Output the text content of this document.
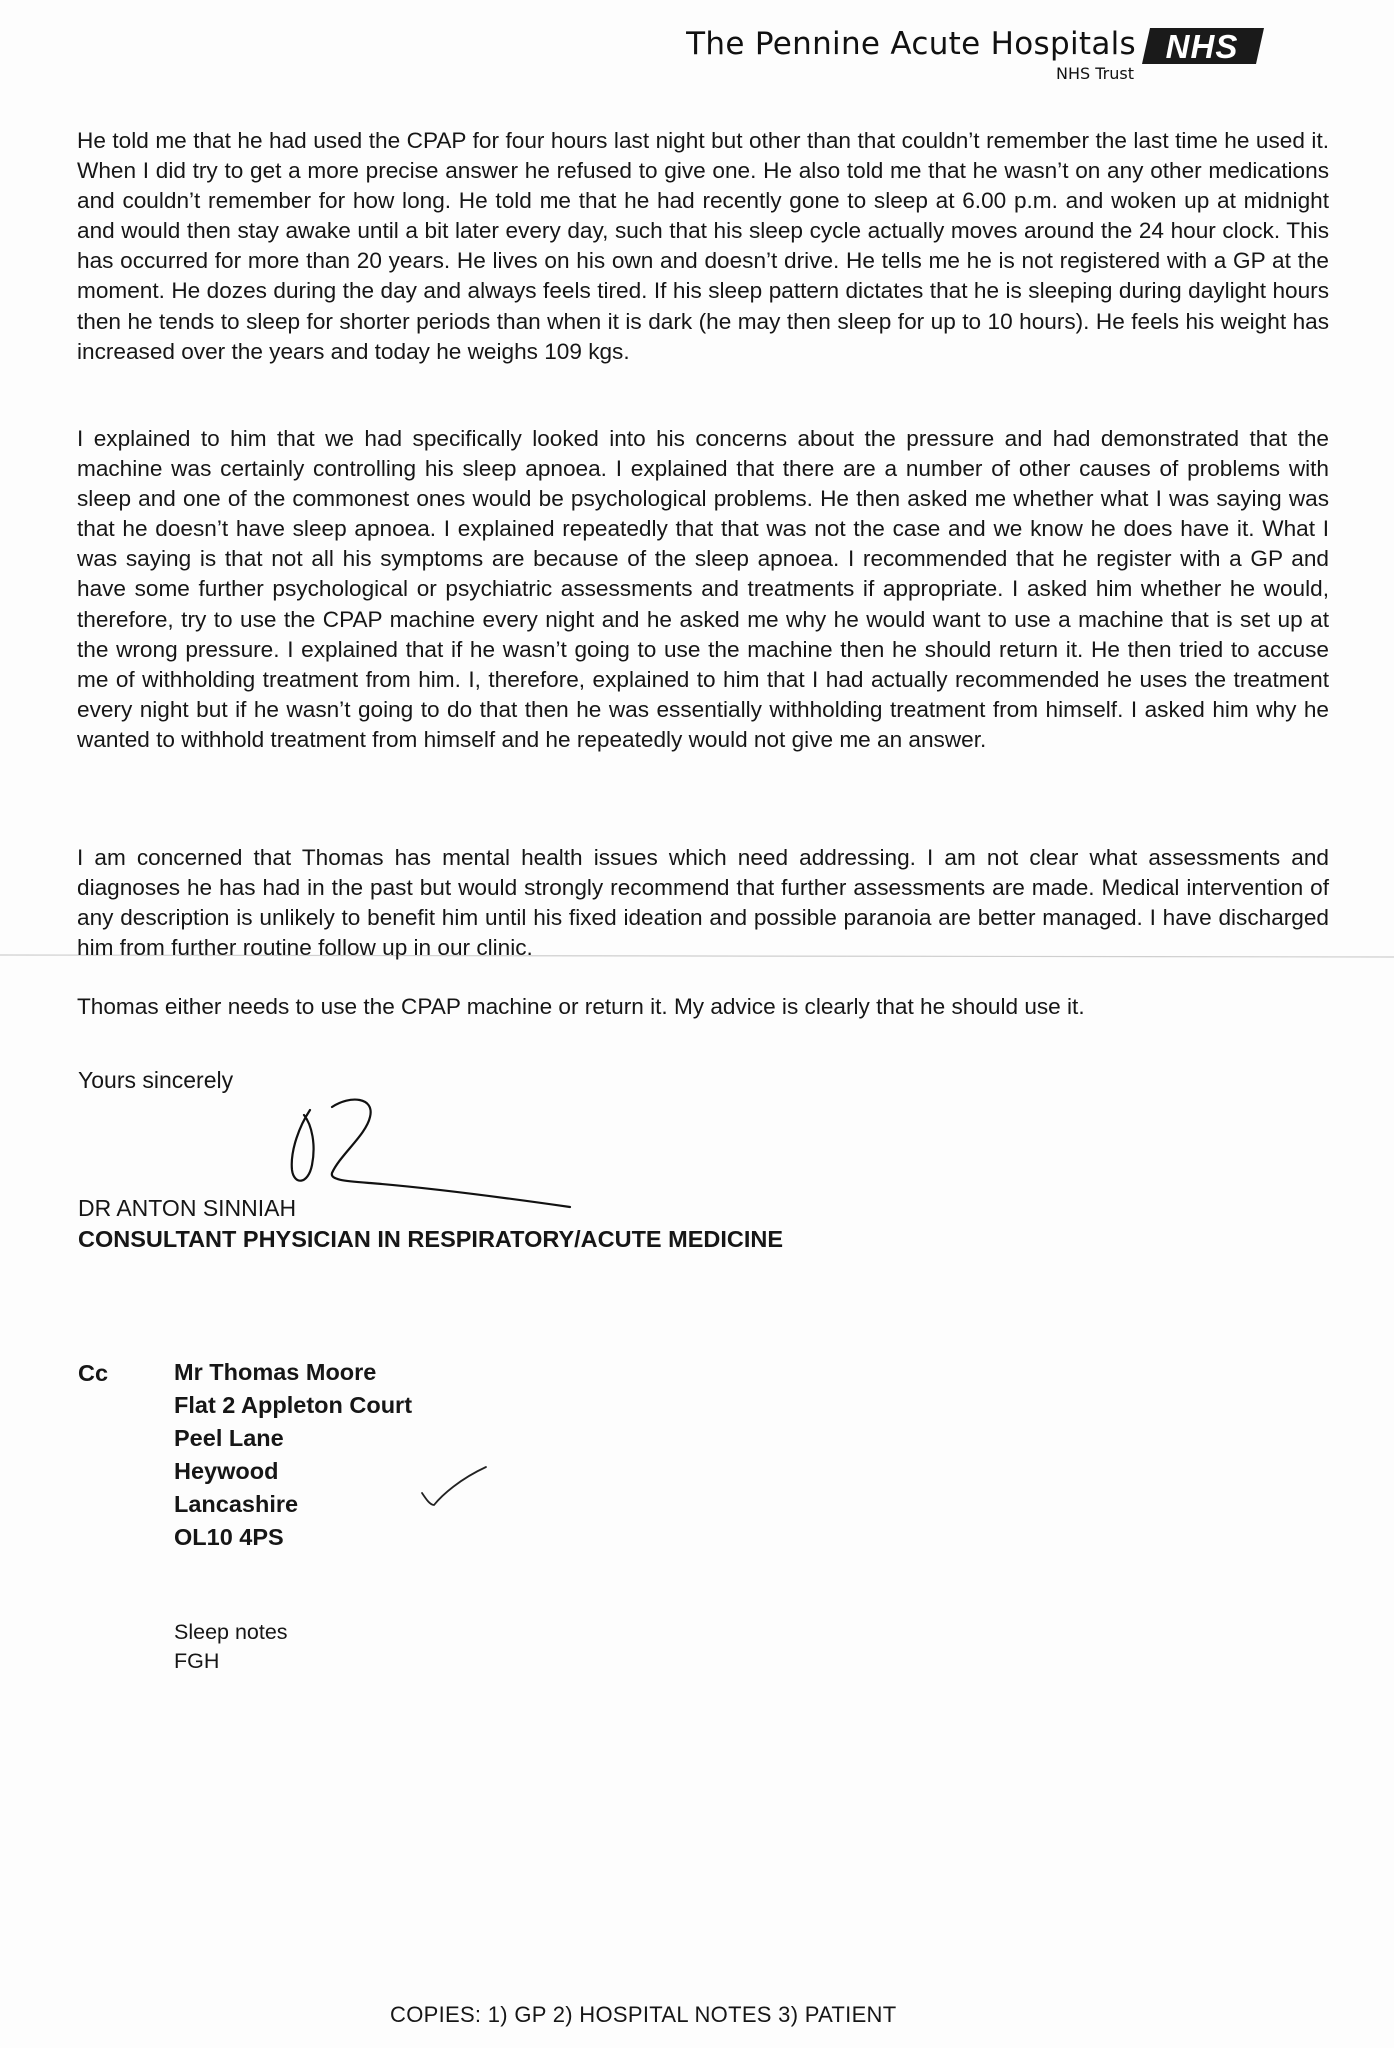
The Pennine Acute Hospitals
NHS Trust
NHS
He told me that he had used the CPAP for four hours last night but other than that couldn’t remember the last time he used it. When I did try to get a more precise answer he refused to give one. He also told me that he wasn’t on any other medications and couldn’t remember for how long. He told me that he had recently gone to sleep at 6.00 p.m. and woken up at midnight and would then stay awake until a bit later every day, such that his sleep cycle actually moves around the 24 hour clock. This has occurred for more than 20 years. He lives on his own and doesn’t drive. He tells me he is not registered with a GP at the moment. He dozes during the day and always feels tired. If his sleep pattern dictates that he is sleeping during daylight hours then he tends to sleep for shorter periods than when it is dark (he may then sleep for up to 10 hours). He feels his weight has increased over the years and today he weighs 109 kgs.
I explained to him that we had specifically looked into his concerns about the pressure and had demonstrated that the machine was certainly controlling his sleep apnoea. I explained that there are a number of other causes of problems with sleep and one of the commonest ones would be psychological problems. He then asked me whether what I was saying was that he doesn’t have sleep apnoea. I explained repeatedly that that was not the case and we know he does have it. What I was saying is that not all his symptoms are because of the sleep apnoea. I recommended that he register with a GP and have some further psychological or psychiatric assessments and treatments if appropriate. I asked him whether he would, therefore, try to use the CPAP machine every night and he asked me why he would want to use a machine that is set up at the wrong pressure. I explained that if he wasn’t going to use the machine then he should return it. He then tried to accuse me of withholding treatment from him. I, therefore, explained to him that I had actually recommended he uses the treatment every night but if he wasn’t going to do that then he was essentially withholding treatment from himself. I asked him why he wanted to withhold treatment from himself and he repeatedly would not give me an answer.
I am concerned that Thomas has mental health issues which need addressing. I am not clear what assessments and diagnoses he has had in the past but would strongly recommend that further assessments are made. Medical intervention of any description is unlikely to benefit him until his fixed ideation and possible paranoia are better managed. I have discharged him from further routine follow up in our clinic.
Thomas either needs to use the CPAP machine or return it. My advice is clearly that he should use it.
Yours sincerely
DR ANTON SINNIAH
CONSULTANT PHYSICIAN IN RESPIRATORY/ACUTE MEDICINE
Cc	Mr Thomas Moore
Flat 2 Appleton Court
Peel Lane
Heywood
Lancashire
OL10 4PS
Sleep notes
FGH
COPIES: 1) GP 2) HOSPITAL NOTES 3) PATIENT
